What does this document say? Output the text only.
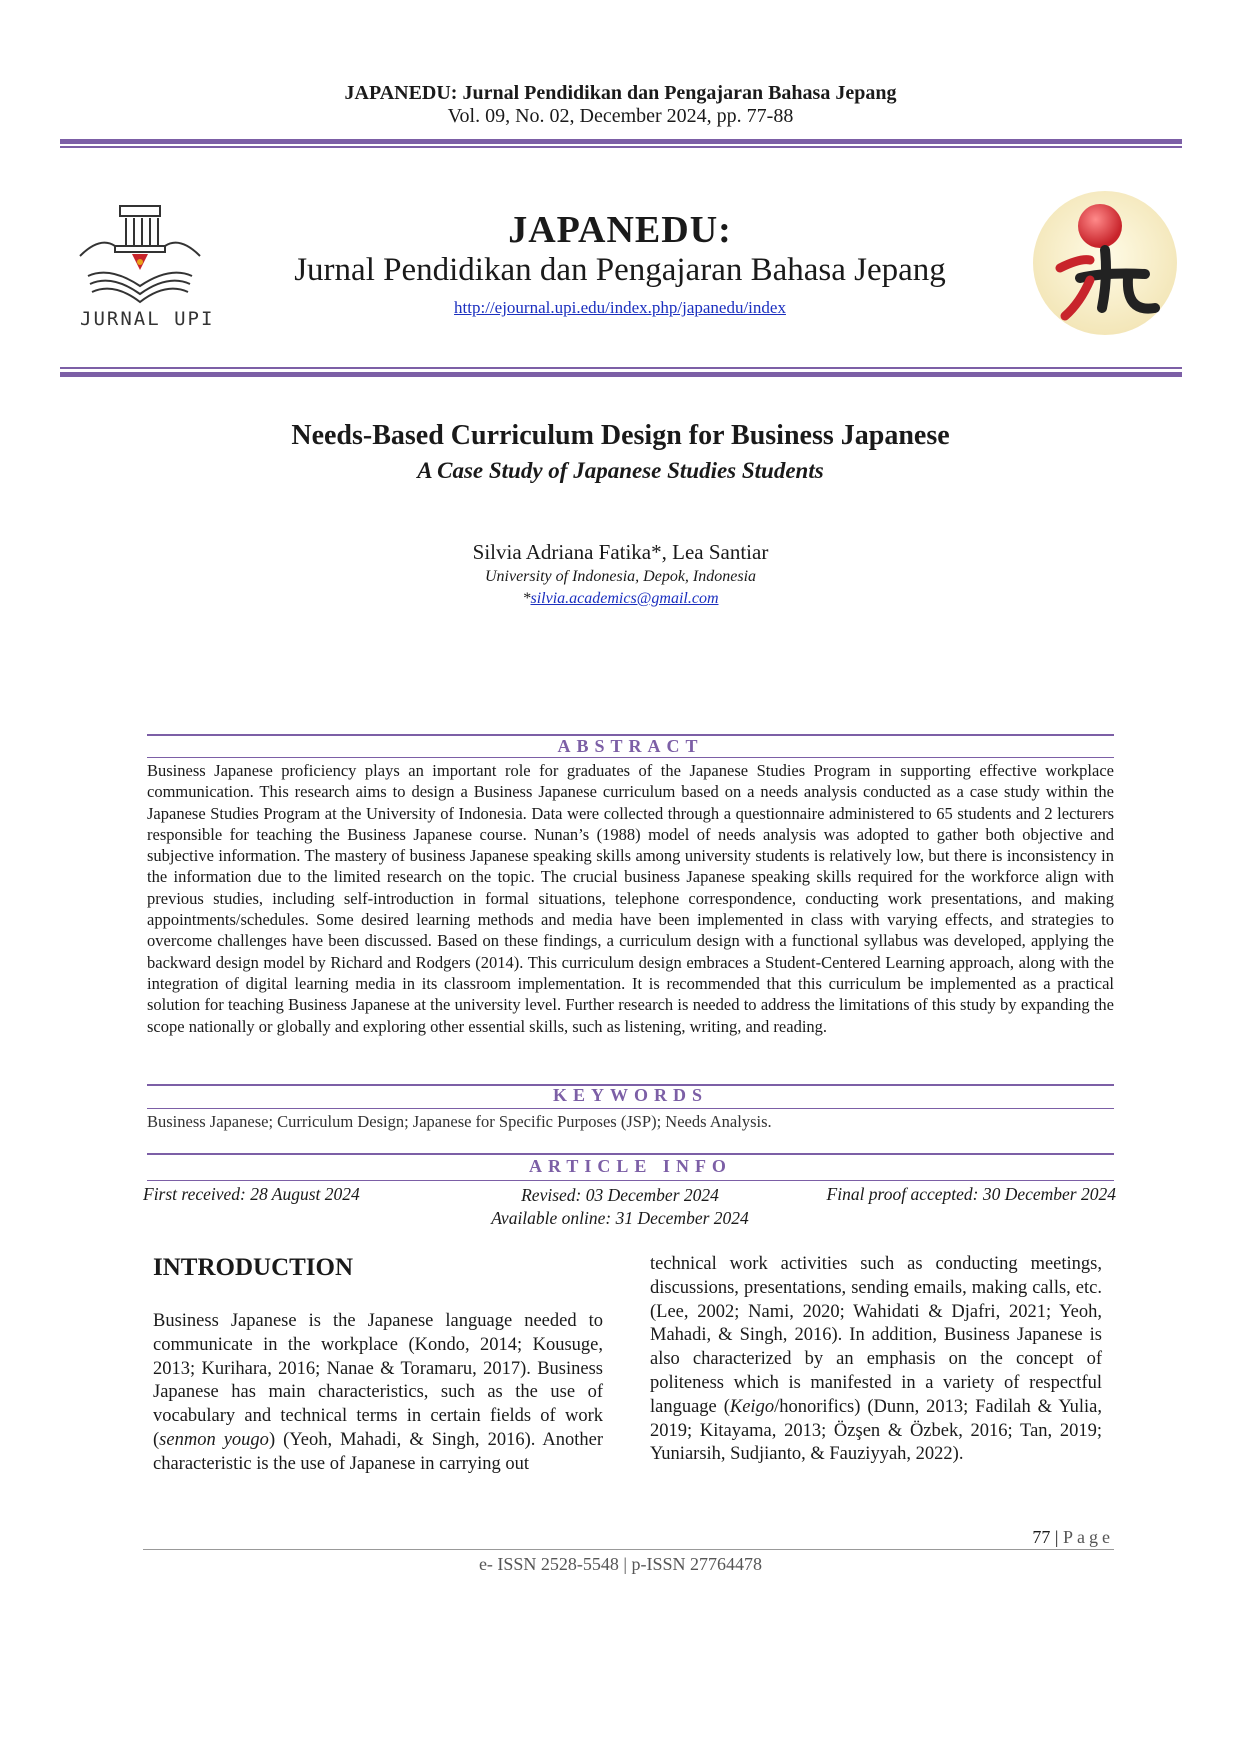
JAPANEDU: Jurnal Pendidikan dan Pengajaran Bahasa Jepang
Vol. 09, No. 02, December 2024, pp. 77-88
JURNAL UPI
JAPANEDU:
Jurnal Pendidikan dan Pengajaran Bahasa Jepang
http://ejournal.upi.edu/index.php/japanedu/index
Needs-Based Curriculum Design for Business Japanese
A Case Study of Japanese Studies Students
Silvia Adriana Fatika*, Lea Santiar
University of Indonesia, Depok, Indonesia
*silvia.academics@gmail.com
ABSTRACT
Business Japanese proficiency plays an important role for graduates of the Japanese Studies Program in supporting effective workplace communication. This research aims to design a Business Japanese curriculum based on a needs analysis conducted as a case study within the Japanese Studies Program at the University of Indonesia. Data were collected through a questionnaire administered to 65 students and 2 lecturers responsible for teaching the Business Japanese course. Nunan’s (1988) model of needs analysis was adopted to gather both objective and subjective information. The mastery of business Japanese speaking skills among university students is relatively low, but there is inconsistency in the information due to the limited research on the topic. The crucial business Japanese speaking skills required for the workforce align with previous studies, including self-introduction in formal situations, telephone correspondence, conducting work presentations, and making appointments/schedules. Some desired learning methods and media have been implemented in class with varying effects, and strategies to overcome challenges have been discussed. Based on these findings, a curriculum design with a functional syllabus was developed, applying the backward design model by Richard and Rodgers (2014). This curriculum design embraces a Student-Centered Learning approach, along with the integration of digital learning media in its classroom implementation. It is recommended that this curriculum be implemented as a practical solution for teaching Business Japanese at the university level. Further research is needed to address the limitations of this study by expanding the scope nationally or globally and exploring other essential skills, such as listening, writing, and reading.
KEYWORDS
Business Japanese; Curriculum Design; Japanese for Specific Purposes (JSP); Needs Analysis.
ARTICLE INFO
First received: 28 August 2024	Revised: 03 December 2024
Available online: 31 December 2024
Final proof accepted: 30 December 2024
INTRODUCTION
Business Japanese is the Japanese language needed to communicate in the workplace (Kondo, 2014; Kousuge, 2013; Kurihara, 2016; Nanae & Toramaru, 2017). Business Japanese has main characteristics, such as the use of vocabulary and technical terms in certain fields of work (senmon yougo) (Yeoh, Mahadi, & Singh, 2016). Another characteristic is the use of Japanese in carrying out
technical work activities such as conducting meetings, discussions, presentations, sending emails, making calls, etc. (Lee, 2002; Nami, 2020; Wahidati & Djafri, 2021; Yeoh, Mahadi, & Singh, 2016). In addition, Business Japanese is also characterized by an emphasis on the concept of politeness which is manifested in a variety of respectful language (Keigo/honorifics) (Dunn, 2013; Fadilah & Yulia, 2019; Kitayama, 2013; Özşen & Özbek, 2016; Tan, 2019; Yuniarsih, Sudjianto, & Fauziyyah, 2022).
77 | Page
e- ISSN 2528-5548 | p-ISSN 27764478
